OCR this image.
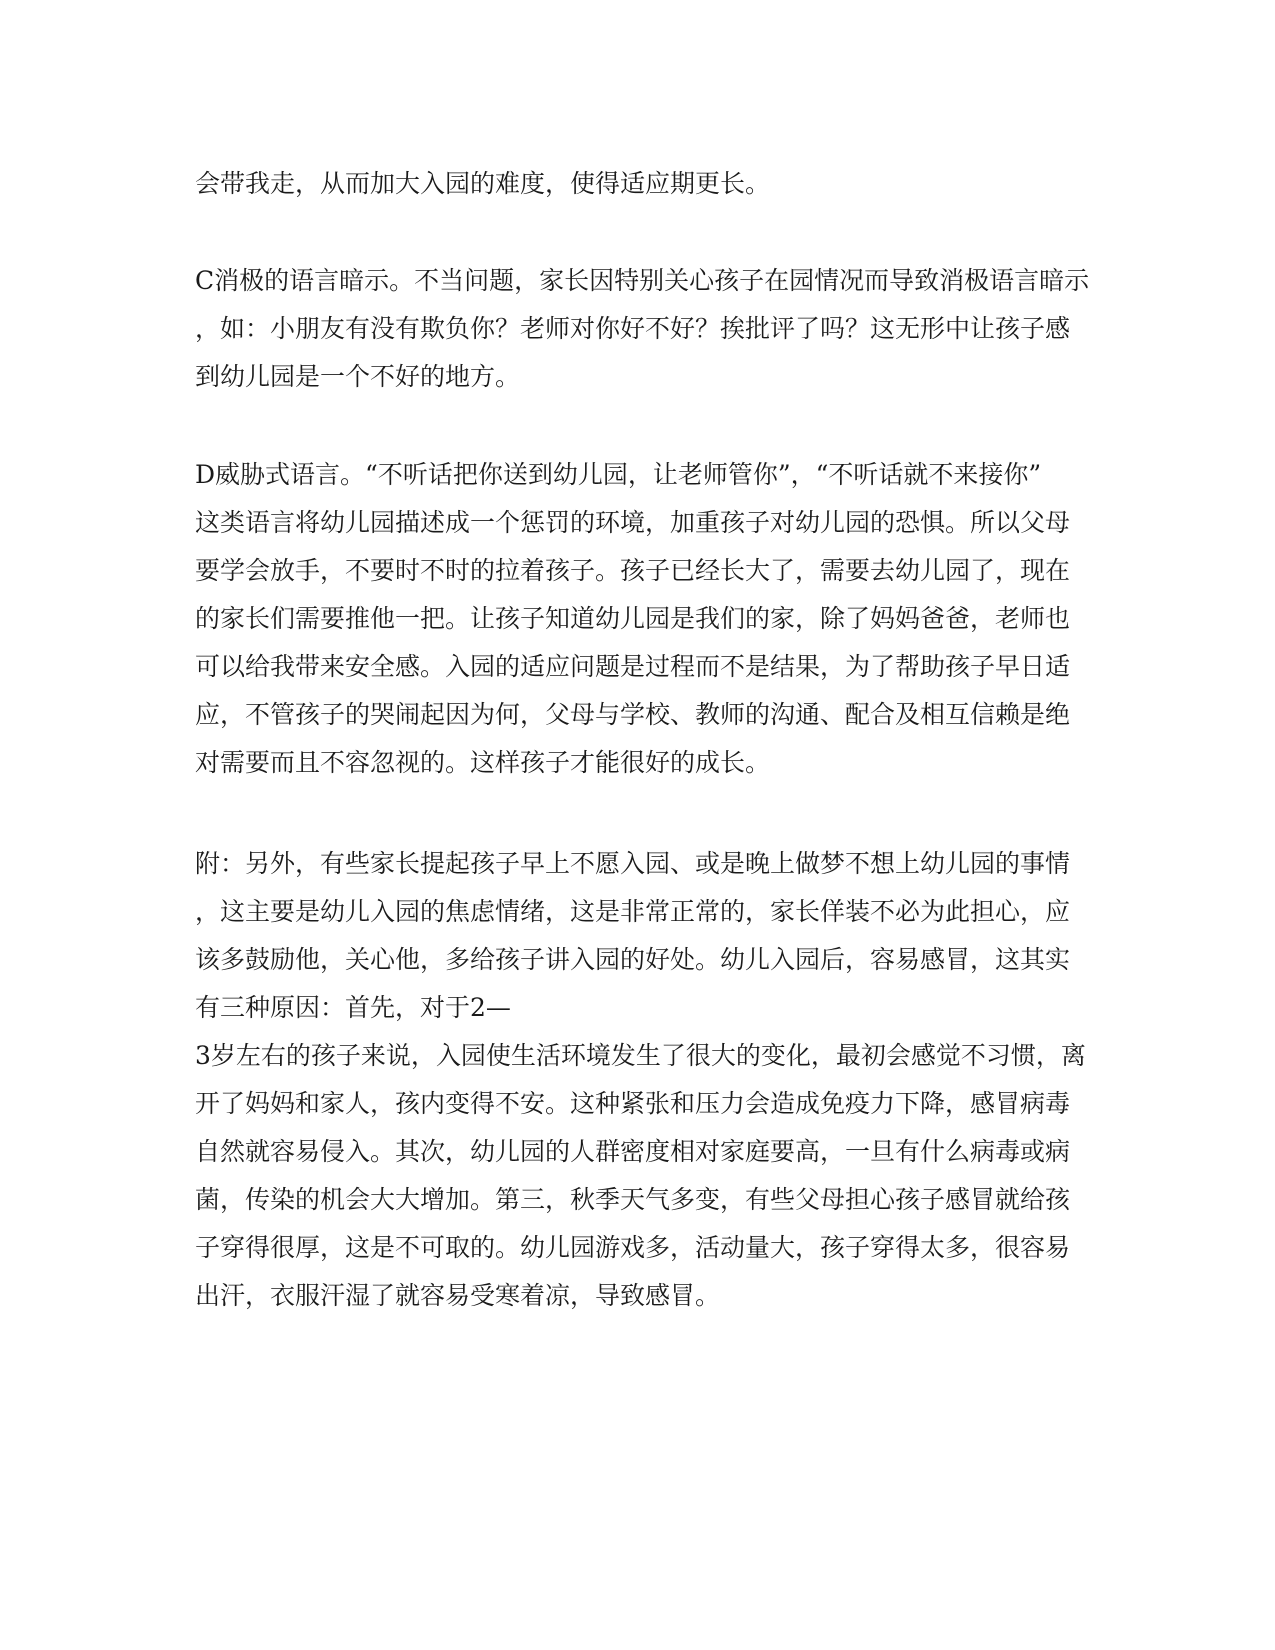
会带我走，从而加大入园的难度，使得适应期更长。
C消极的语言暗示。不当问题，家长因特别关心孩子在园情况而导致消极语言暗示
，如：小朋友有没有欺负你？老师对你好不好？挨批评了吗？这无形中让孩子感
到幼儿园是一个不好的地方。
D威胁式语言。“不听话把你送到幼儿园，让老师管你”，“不听话就不来接你”
这类语言将幼儿园描述成一个惩罚的环境，加重孩子对幼儿园的恐惧。所以父母
要学会放手，不要时不时的拉着孩子。孩子已经长大了，需要去幼儿园了，现在
的家长们需要推他一把。让孩子知道幼儿园是我们的家，除了妈妈爸爸，老师也
可以给我带来安全感。入园的适应问题是过程而不是结果，为了帮助孩子早日适
应，不管孩子的哭闹起因为何，父母与学校、教师的沟通、配合及相互信赖是绝
对需要而且不容忽视的。这样孩子才能很好的成长。
附：另外，有些家长提起孩子早上不愿入园、或是晚上做梦不想上幼儿园的事情
，这主要是幼儿入园的焦虑情绪，这是非常正常的，家长佯装不必为此担心，应
该多鼓励他，关心他，多给孩子讲入园的好处。幼儿入园后，容易感冒，这其实
有三种原因：首先，对于2—
3岁左右的孩子来说，入园使生活环境发生了很大的变化，最初会感觉不习惯，离
开了妈妈和家人，孩内变得不安。这种紧张和压力会造成免疫力下降，感冒病毒
自然就容易侵入。其次，幼儿园的人群密度相对家庭要高，一旦有什么病毒或病
菌，传染的机会大大增加。第三，秋季天气多变，有些父母担心孩子感冒就给孩
子穿得很厚，这是不可取的。幼儿园游戏多，活动量大，孩子穿得太多，很容易
出汗，衣服汗湿了就容易受寒着凉，导致感冒。
